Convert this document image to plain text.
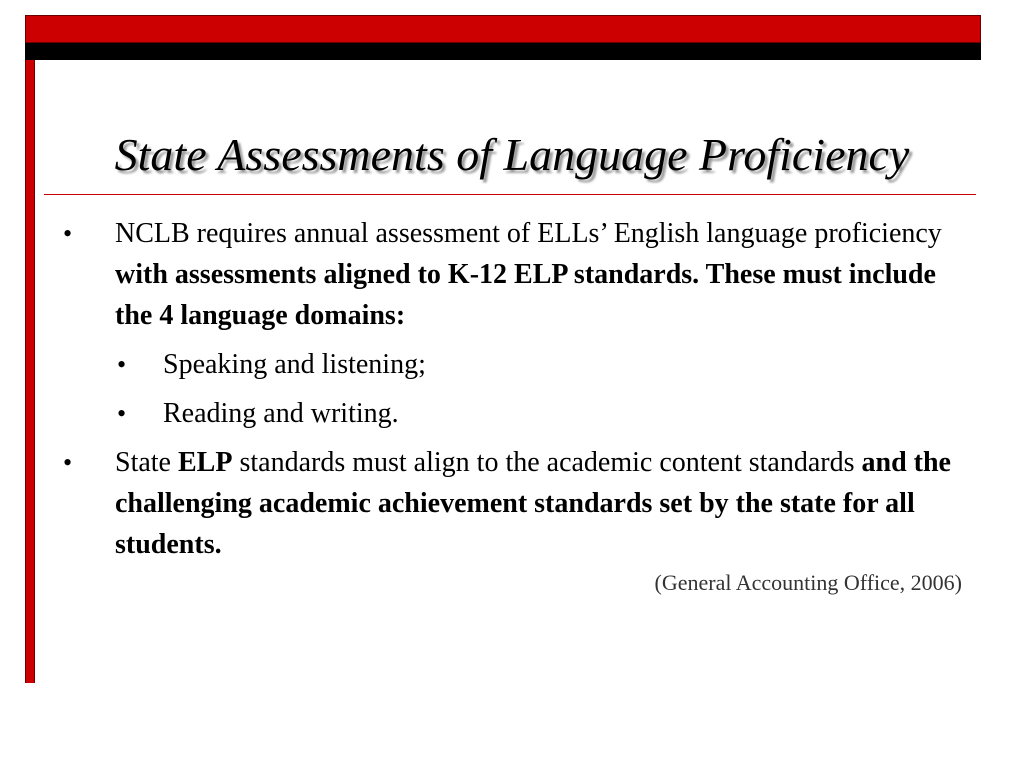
State Assessments of Language Proficiency
• NCLB requires annual assessment of ELLs’ English language proficiency with assessments aligned to K-12 ELP standards. These must include the 4 language domains:
• Speaking and listening;
• Reading and writing.
• State ELP standards must align to the academic content standards and the challenging academic achievement standards set by the state for all students.

(General Accounting Office, 2006)
